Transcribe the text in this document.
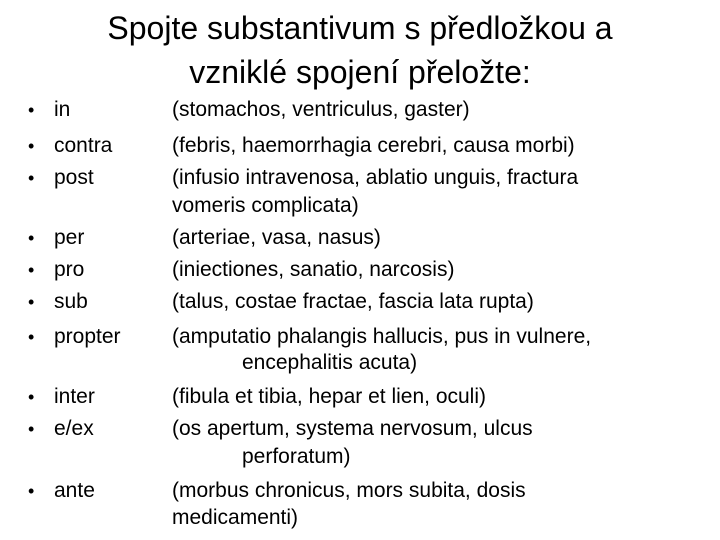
Spojte substantivum s předložkou a
vzniklé spojení přeložte:
• in
• contra
• post
• per
• pro
• sub
• propter
• inter
• e/ex
• ante
(stomachos, ventriculus, gaster)
(febris, haemorrhagia cerebri, causa morbi)
(infusio intravenosa, ablatio unguis, fractura
vomeris complicata)
(arteriae, vasa, nasus)
(iniectiones, sanatio, narcosis)
(talus, costae fractae, fascia lata rupta)
(amputatio phalangis hallucis, pus in vulnere,
encephalitis acuta)
(fibula et tibia, hepar et lien, oculi)
(os apertum, systema nervosum, ulcus
perforatum)
(morbus chronicus, mors subita, dosis
medicamenti)
